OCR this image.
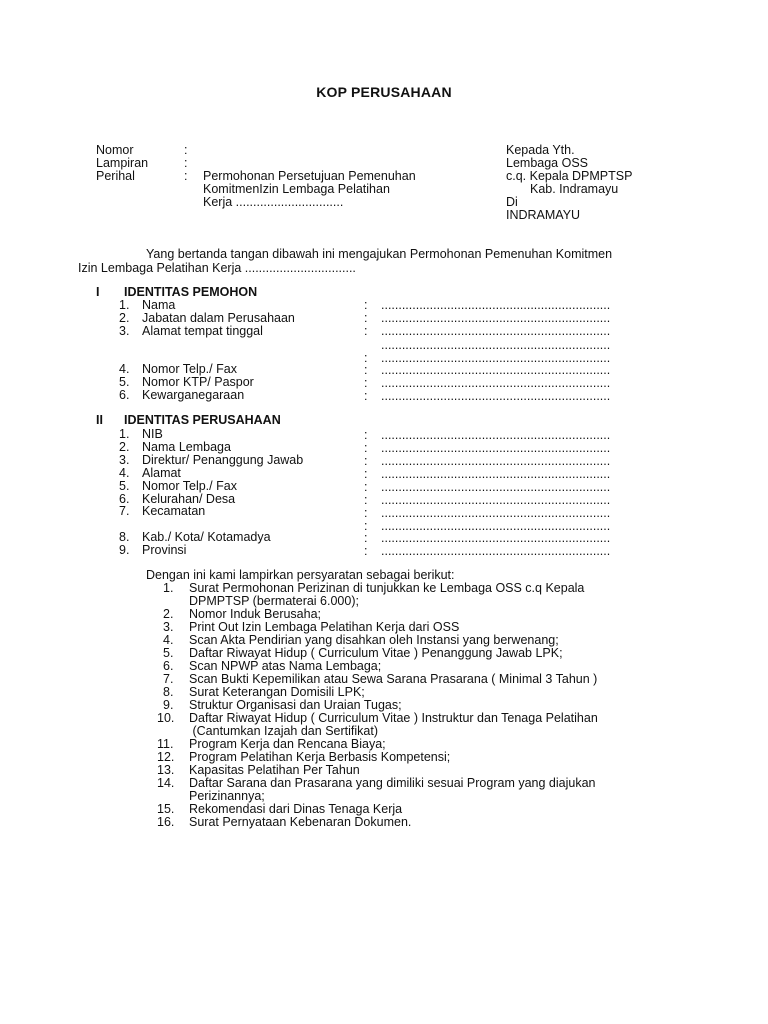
KOP PERUSAHAAN
Nomor	:
Lampiran	:
Perihal	: Permohonan Persetujuan Pemenuhan
KomitmenIzin Lembaga Pelatihan
Kerja ...............................
Kepada Yth.
Lembaga OSS
c.q. Kepala DPMPTSP
Kab. Indramayu
Di
INDRAMAYU
Yang bertanda tangan dibawah ini mengajukan Permohonan Pemenuhan Komitmen
Izin Lembaga Pelatihan Kerja ................................
I IDENTITAS PEMOHON
1. Nama	: ..................................................................
2. Jabatan dalam Perusahaan	: ..................................................................
3. Alamat tempat tinggal	: ..................................................................
..................................................................
: ..................................................................
4. Nomor Telp./ Fax	: ..................................................................
5. Nomor KTP/ Paspor	: ..................................................................
6. Kewarganegaraan	: ..................................................................
II IDENTITAS PERUSAHAAN
1. NIB	: ..................................................................
2. Nama Lembaga	: ..................................................................
3. Direktur/ Penanggung Jawab	: ..................................................................
4. Alamat	: ..................................................................
5. Nomor Telp./ Fax	: ..................................................................
6. Kelurahan/ Desa	: ..................................................................
7. Kecamatan	: ..................................................................
: ..................................................................
8. Kab./ Kota/ Kotamadya	: ..................................................................
9. Provinsi	: ..................................................................
Dengan ini kami lampirkan persyaratan sebagai berikut:
1. Surat Permohonan Perizinan di tunjukkan ke Lembaga OSS c.q Kepala
DPMPTSP (bermaterai 6.000);
2. Nomor Induk Berusaha;
3. Print Out Izin Lembaga Pelatihan Kerja dari OSS
4. Scan Akta Pendirian yang disahkan oleh Instansi yang berwenang;
5. Daftar Riwayat Hidup ( Curriculum Vitae ) Penanggung Jawab LPK;
6. Scan NPWP atas Nama Lembaga;
7. Scan Bukti Kepemilikan atau Sewa Sarana Prasarana ( Minimal 3 Tahun )
8. Surat Keterangan Domisili LPK;
9. Struktur Organisasi dan Uraian Tugas;
10. Daftar Riwayat Hidup ( Curriculum Vitae ) Instruktur dan Tenaga Pelatihan
(Cantumkan Izajah dan Sertifikat)
11. Program Kerja dan Rencana Biaya;
12. Program Pelatihan Kerja Berbasis Kompetensi;
13. Kapasitas Pelatihan Per Tahun
14. Daftar Sarana dan Prasarana yang dimiliki sesuai Program yang diajukan
Perizinannya;
15. Rekomendasi dari Dinas Tenaga Kerja
16. Surat Pernyataan Kebenaran Dokumen.
